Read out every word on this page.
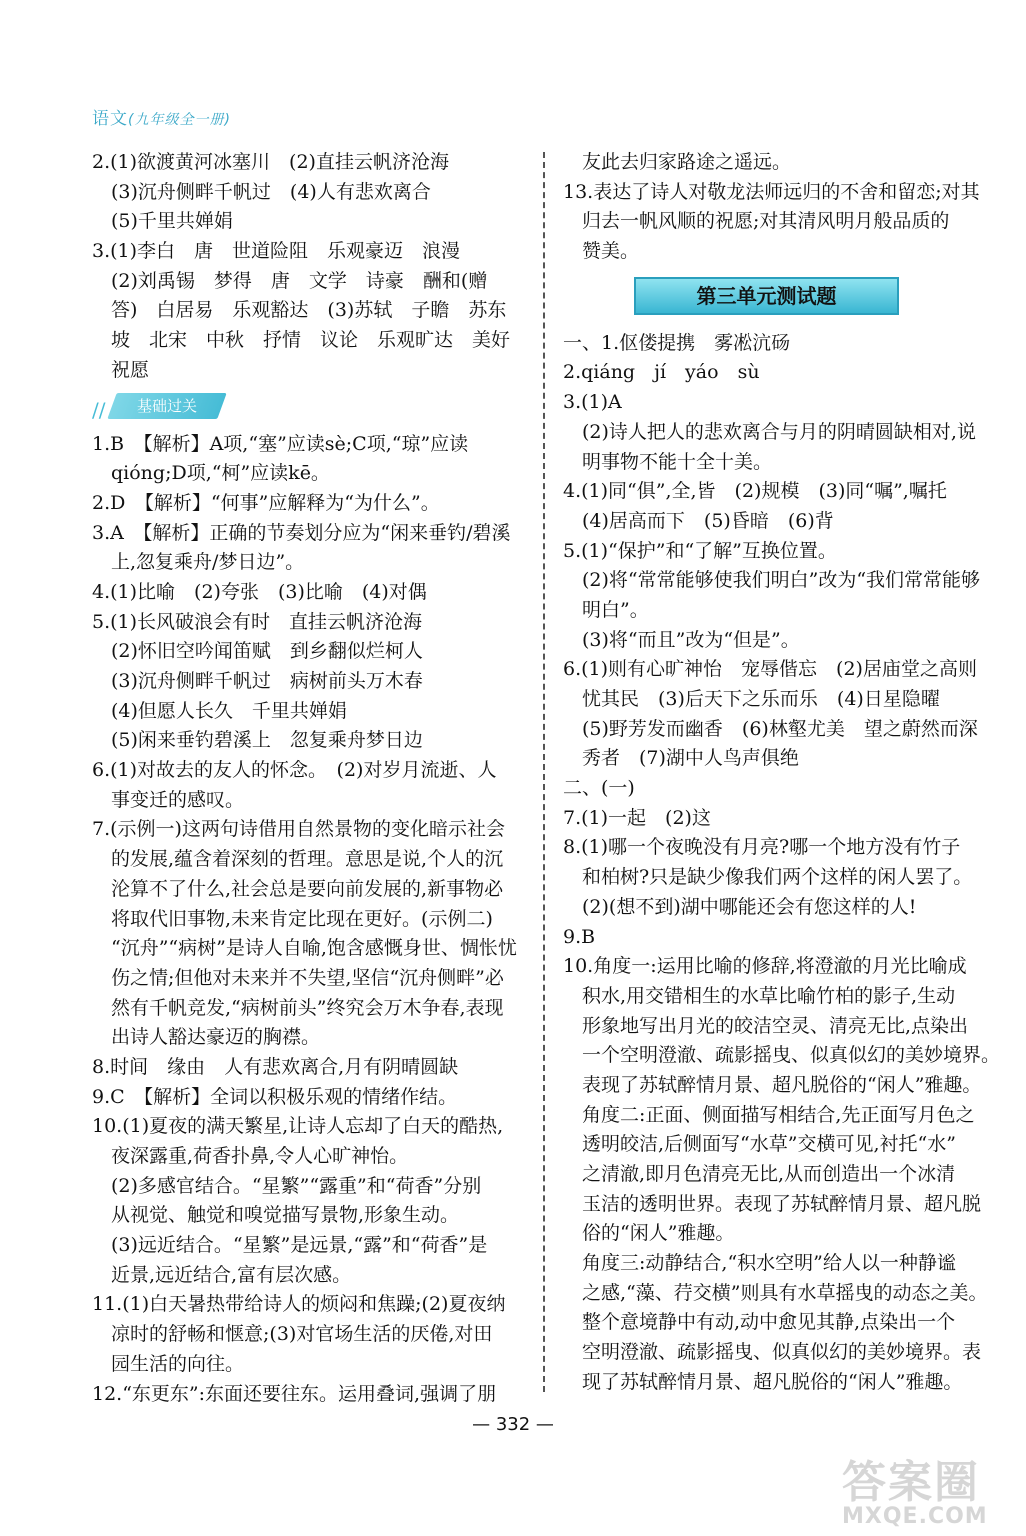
语文(九年级全一册)
2.(1)欲渡黄河冰塞川　(2)直挂云帆济沧海
　(3)沉舟侧畔千帆过　(4)人有悲欢离合
　(5)千里共婵娟
3.(1)李白　唐　世道险阻　乐观豪迈　浪漫
　(2)刘禹锡　梦得　唐　文学　诗豪　酬和(赠
　答)　白居易　乐观豁达　(3)苏轼　子瞻　苏东
　坡　北宋　中秋　抒情　议论　乐观旷达　美好
　祝愿
//	基础过关
1.B　【解析】A项,“塞”应读sè;C项,“琼”应读
　qióng;D项,“柯”应读kē。
2.D　【解析】“何事”应解释为“为什么”。
3.A　【解析】正确的节奏划分应为“闲来垂钓/碧溪
　上,忽复乘舟/梦日边”。
4.(1)比喻　(2)夸张　(3)比喻　(4)对偶
5.(1)长风破浪会有时　直挂云帆济沧海
　(2)怀旧空吟闻笛赋　到乡翻似烂柯人
　(3)沉舟侧畔千帆过　病树前头万木春
　(4)但愿人长久　千里共婵娟
　(5)闲来垂钓碧溪上　忽复乘舟梦日边
6.(1)对故去的友人的怀念。　(2)对岁月流逝、人
　事变迁的感叹。
7.(示例一)这两句诗借用自然景物的变化暗示社会
　的发展,蕴含着深刻的哲理。意思是说,个人的沉
　沦算不了什么,社会总是要向前发展的,新事物必
　将取代旧事物,未来肯定比现在更好。(示例二)
　“沉舟”“病树”是诗人自喻,饱含感慨身世、惆怅忧
　伤之情;但他对未来并不失望,坚信“沉舟侧畔”必
　然有千帆竞发,“病树前头”终究会万木争春,表现
　出诗人豁达豪迈的胸襟。
8.时间　缘由　人有悲欢离合,月有阴晴圆缺
9.C　【解析】全词以积极乐观的情绪作结。
10.(1)夏夜的满天繁星,让诗人忘却了白天的酷热,
　夜深露重,荷香扑鼻,令人心旷神怡。
　(2)多感官结合。“星繁”“露重”和“荷香”分别
　从视觉、触觉和嗅觉描写景物,形象生动。
　(3)远近结合。“星繁”是远景,“露”和“荷香”是
　近景,远近结合,富有层次感。
11.(1)白天暑热带给诗人的烦闷和焦躁;(2)夏夜纳
　凉时的舒畅和惬意;(3)对官场生活的厌倦,对田
　园生活的向往。
12.“东更东”:东面还要往东。运用叠词,强调了朋
　友此去归家路途之遥远。
13.表达了诗人对敬龙法师远归的不舍和留恋;对其
　归去一帆风顺的祝愿;对其清风明月般品质的
　赞美。
第三单元测试题
一、1.伛偻提携　雾凇沆砀
2.qiáng　jí　yáo　sù
3.(1)A
　(2)诗人把人的悲欢离合与月的阴晴圆缺相对,说
　明事物不能十全十美。
4.(1)同“俱”,全,皆　(2)规模　(3)同“嘱”,嘱托
　(4)居高而下　(5)昏暗　(6)背
5.(1)“保护”和“了解”互换位置。
　(2)将“常常能够使我们明白”改为“我们常常能够
　明白”。
　(3)将“而且”改为“但是”。
6.(1)则有心旷神怡　宠辱偕忘　(2)居庙堂之高则
　忧其民　(3)后天下之乐而乐　(4)日星隐曜
　(5)野芳发而幽香　(6)林壑尤美　望之蔚然而深
　秀者　(7)湖中人鸟声俱绝
二、(一)
7.(1)一起　(2)这
8.(1)哪一个夜晚没有月亮?哪一个地方没有竹子
　和柏树?只是缺少像我们两个这样的闲人罢了。
　(2)(想不到)湖中哪能还会有您这样的人!
9.B
10.角度一:运用比喻的修辞,将澄澈的月光比喻成
　积水,用交错相生的水草比喻竹柏的影子,生动
　形象地写出月光的皎洁空灵、清亮无比,点染出
　一个空明澄澈、疏影摇曳、似真似幻的美妙境界。
　表现了苏轼醉情月景、超凡脱俗的“闲人”雅趣。
　角度二:正面、侧面描写相结合,先正面写月色之
　透明皎洁,后侧面写“水草”交横可见,衬托“水”
　之清澈,即月色清亮无比,从而创造出一个冰清
　玉洁的透明世界。表现了苏轼醉情月景、超凡脱
　俗的“闲人”雅趣。
　角度三:动静结合,“积水空明”给人以一种静谧
　之感,“藻、荇交横”则具有水草摇曳的动态之美。
　整个意境静中有动,动中愈见其静,点染出一个
　空明澄澈、疏影摇曳、似真似幻的美妙境界。表
　现了苏轼醉情月景、超凡脱俗的“闲人”雅趣。
— 332 —
答案圈
MXQE.COM
